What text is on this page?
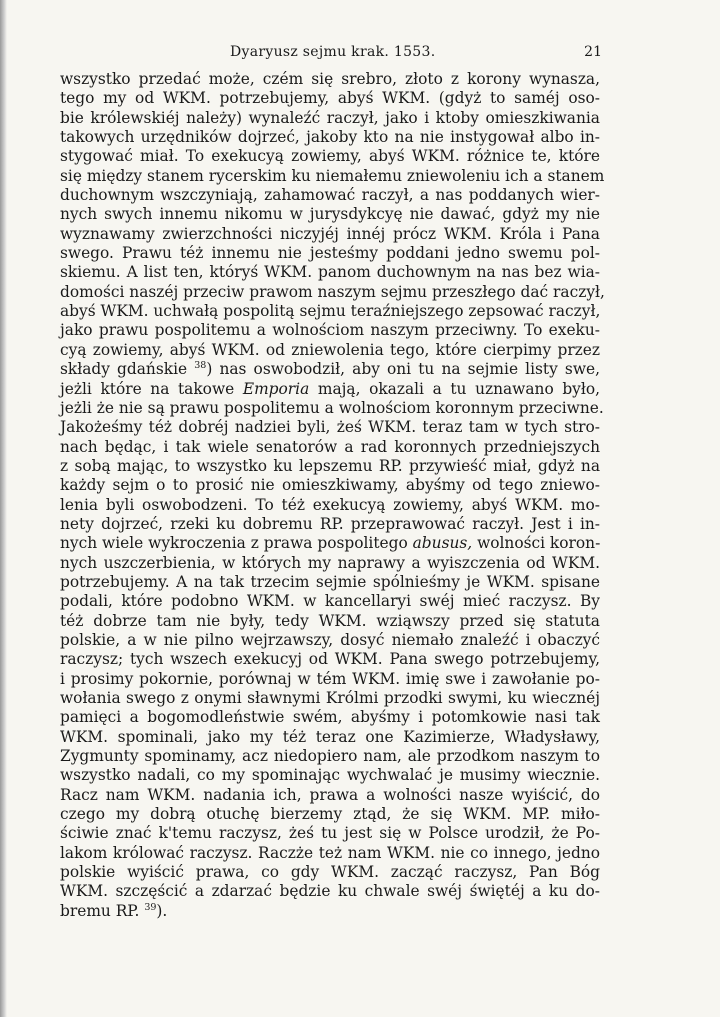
Dyaryusz sejmu krak. 1553.	21
wszystko przedać może, czém się srebro, złoto z korony wynasza,
tego my od WKM. potrzebujemy, abyś WKM. (gdyż to saméj oso-
bie królewskiéj należy) wynaleźć raczył, jako i ktoby omieszkiwania
takowych urzędników dojrzeć, jakoby kto na nie instygował albo in-
stygować miał. To exekucyą zowiemy, abyś WKM. różnice te, które
się między stanem rycerskim ku niemałemu zniewoleniu ich a stanem
duchownym wszczyniają, zahamować raczył, a nas poddanych wier-
nych swych innemu nikomu w jurysdykcyę nie dawać, gdyż my nie
wyznawamy zwierzchności niczyjéj innéj prócz WKM. Króla i Pana
swego. Prawu téż innemu nie jesteśmy poddani jedno swemu pol-
skiemu. A list ten, któryś WKM. panom duchownym na nas bez wia-
domości naszéj przeciw prawom naszym sejmu przeszłego dać raczył,
abyś WKM. uchwałą pospolitą sejmu teraźniejszego zepsować raczył,
jako prawu pospolitemu a wolnościom naszym przeciwny. To exeku-
cyą zowiemy, abyś WKM. od zniewolenia tego, które cierpimy przez
składy gdańskie $^{38}$) nas oswobodził, aby oni tu na sejmie listy swe,
jeżli które na takowe Emporia mają, okazali a tu uznawano było,
jeżli że nie są prawu pospolitemu a wolnościom koronnym przeciwne.
Jakożeśmy téż dobréj nadziei byli, żeś WKM. teraz tam w tych stro-
nach będąc, i tak wiele senatorów a rad koronnych przedniejszych
z sobą mając, to wszystko ku lepszemu RP. przywieść miał, gdyż na
każdy sejm o to prosić nie omieszkiwamy, abyśmy od tego zniewo-
lenia byli oswobodzeni. To téż exekucyą zowiemy, abyś WKM. mo-
nety dojrzeć, rzeki ku dobremu RP. przeprawować raczył. Jest i in-
nych wiele wykroczenia z prawa pospolitego abusus, wolności koron-
nych uszczerbienia, w których my naprawy a wyiszczenia od WKM.
potrzebujemy. A na tak trzecim sejmie spólnieśmy je WKM. spisane
podali, które podobno WKM. w kancellaryi swéj mieć raczysz. By
téż dobrze tam nie były, tedy WKM. wziąwszy przed się statuta
polskie, a w nie pilno wejrzawszy, dosyć niemało znaleźć i obaczyć
raczysz; tych wszech exekucyj od WKM. Pana swego potrzebujemy,
i prosimy pokornie, porównaj w tém WKM. imię swe i zawołanie po-
wołania swego z onymi sławnymi Królmi przodki swymi, ku wiecznéj
pamięci a bogomodleństwie swém, abyśmy i potomkowie nasi tak
WKM. spominali, jako my téż teraz one Kazimierze, Władysławy,
Zygmunty spominamy, acz niedopiero nam, ale przodkom naszym to
wszystko nadali, co my spominając wychwalać je musimy wiecznie.
Racz nam WKM. nadania ich, prawa a wolności nasze wyiścić, do
czego my dobrą otuchę bierzemy ztąd, że się WKM. MP. miło-
ściwie znać k'temu raczysz, żeś tu jest się w Polsce urodził, że Po-
lakom królować raczysz. Raczże też nam WKM. nie co innego, jedno
polskie wyiścić prawa, co gdy WKM. zacząć raczysz, Pan Bóg
WKM. szczęścić a zdarzać będzie ku chwale swéj świętéj a ku do-
bremu RP. $^{39}$).
